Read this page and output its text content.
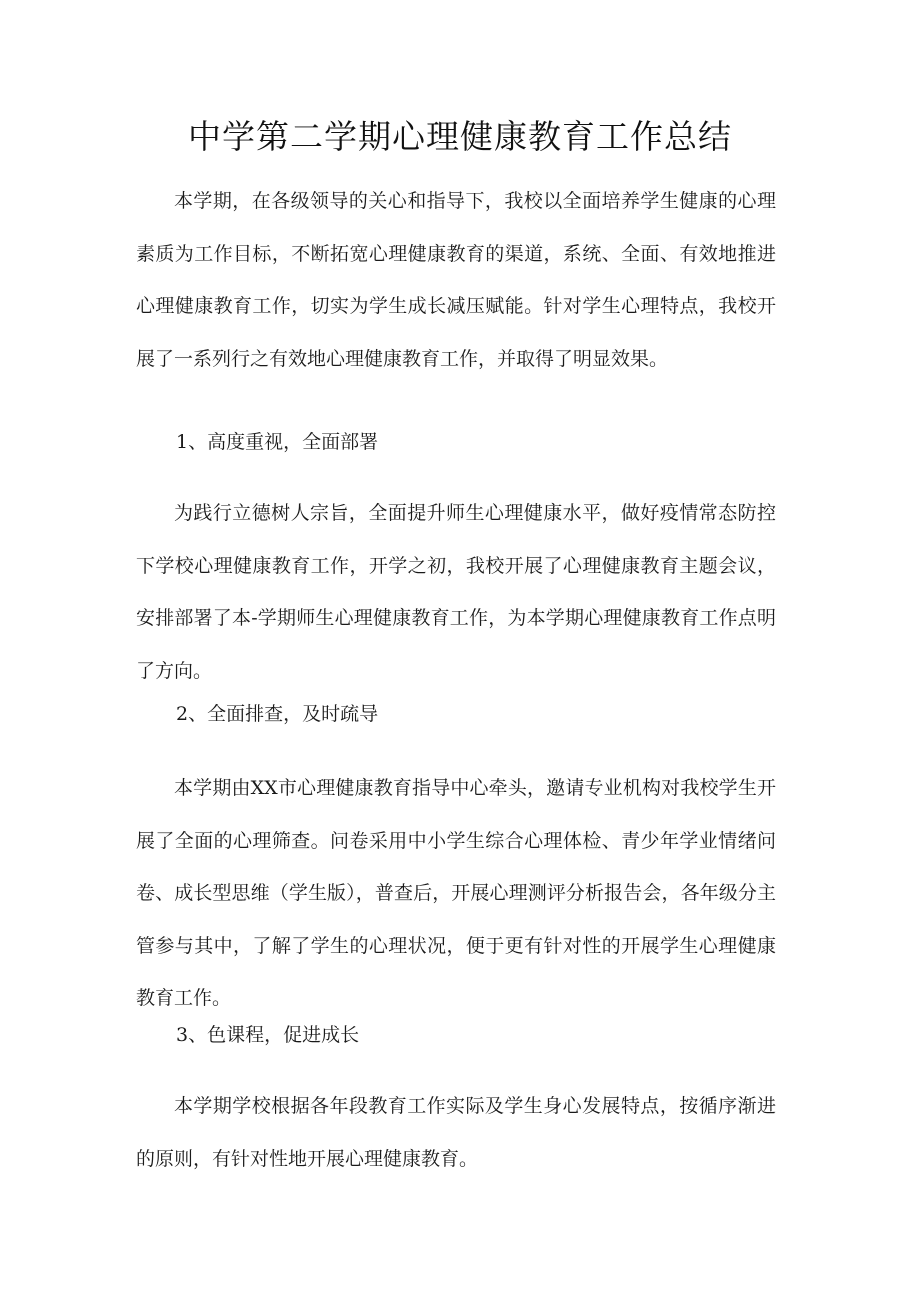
中学第二学期心理健康教育工作总结

本学期，在各级领导的关心和指导下，我校以全面培养学生健康的心理素质为工作目标，不断拓宽心理健康教育的渠道，系统、全面、有效地推进心理健康教育工作，切实为学生成长减压赋能。针对学生心理特点，我校开展了一系列行之有效地心理健康教育工作，并取得了明显效果。

1、高度重视，全面部署

为践行立德树人宗旨，全面提升师生心理健康水平，做好疫情常态防控下学校心理健康教育工作，开学之初，我校开展了心理健康教育主题会议，安排部署了本-学期师生心理健康教育工作，为本学期心理健康教育工作点明了方向。

2、全面排查，及时疏导

本学期由XX市心理健康教育指导中心牵头，邀请专业机构对我校学生开展了全面的心理筛查。问卷采用中小学生综合心理体检、青少年学业情绪问卷、成长型思维（学生版），普查后，开展心理测评分析报告会，各年级分主管参与其中，了解了学生的心理状况，便于更有针对性的开展学生心理健康教育工作。

3、色课程，促进成长

本学期学校根据各年段教育工作实际及学生身心发展特点，按循序渐进的原则，有针对性地开展心理健康教育。
